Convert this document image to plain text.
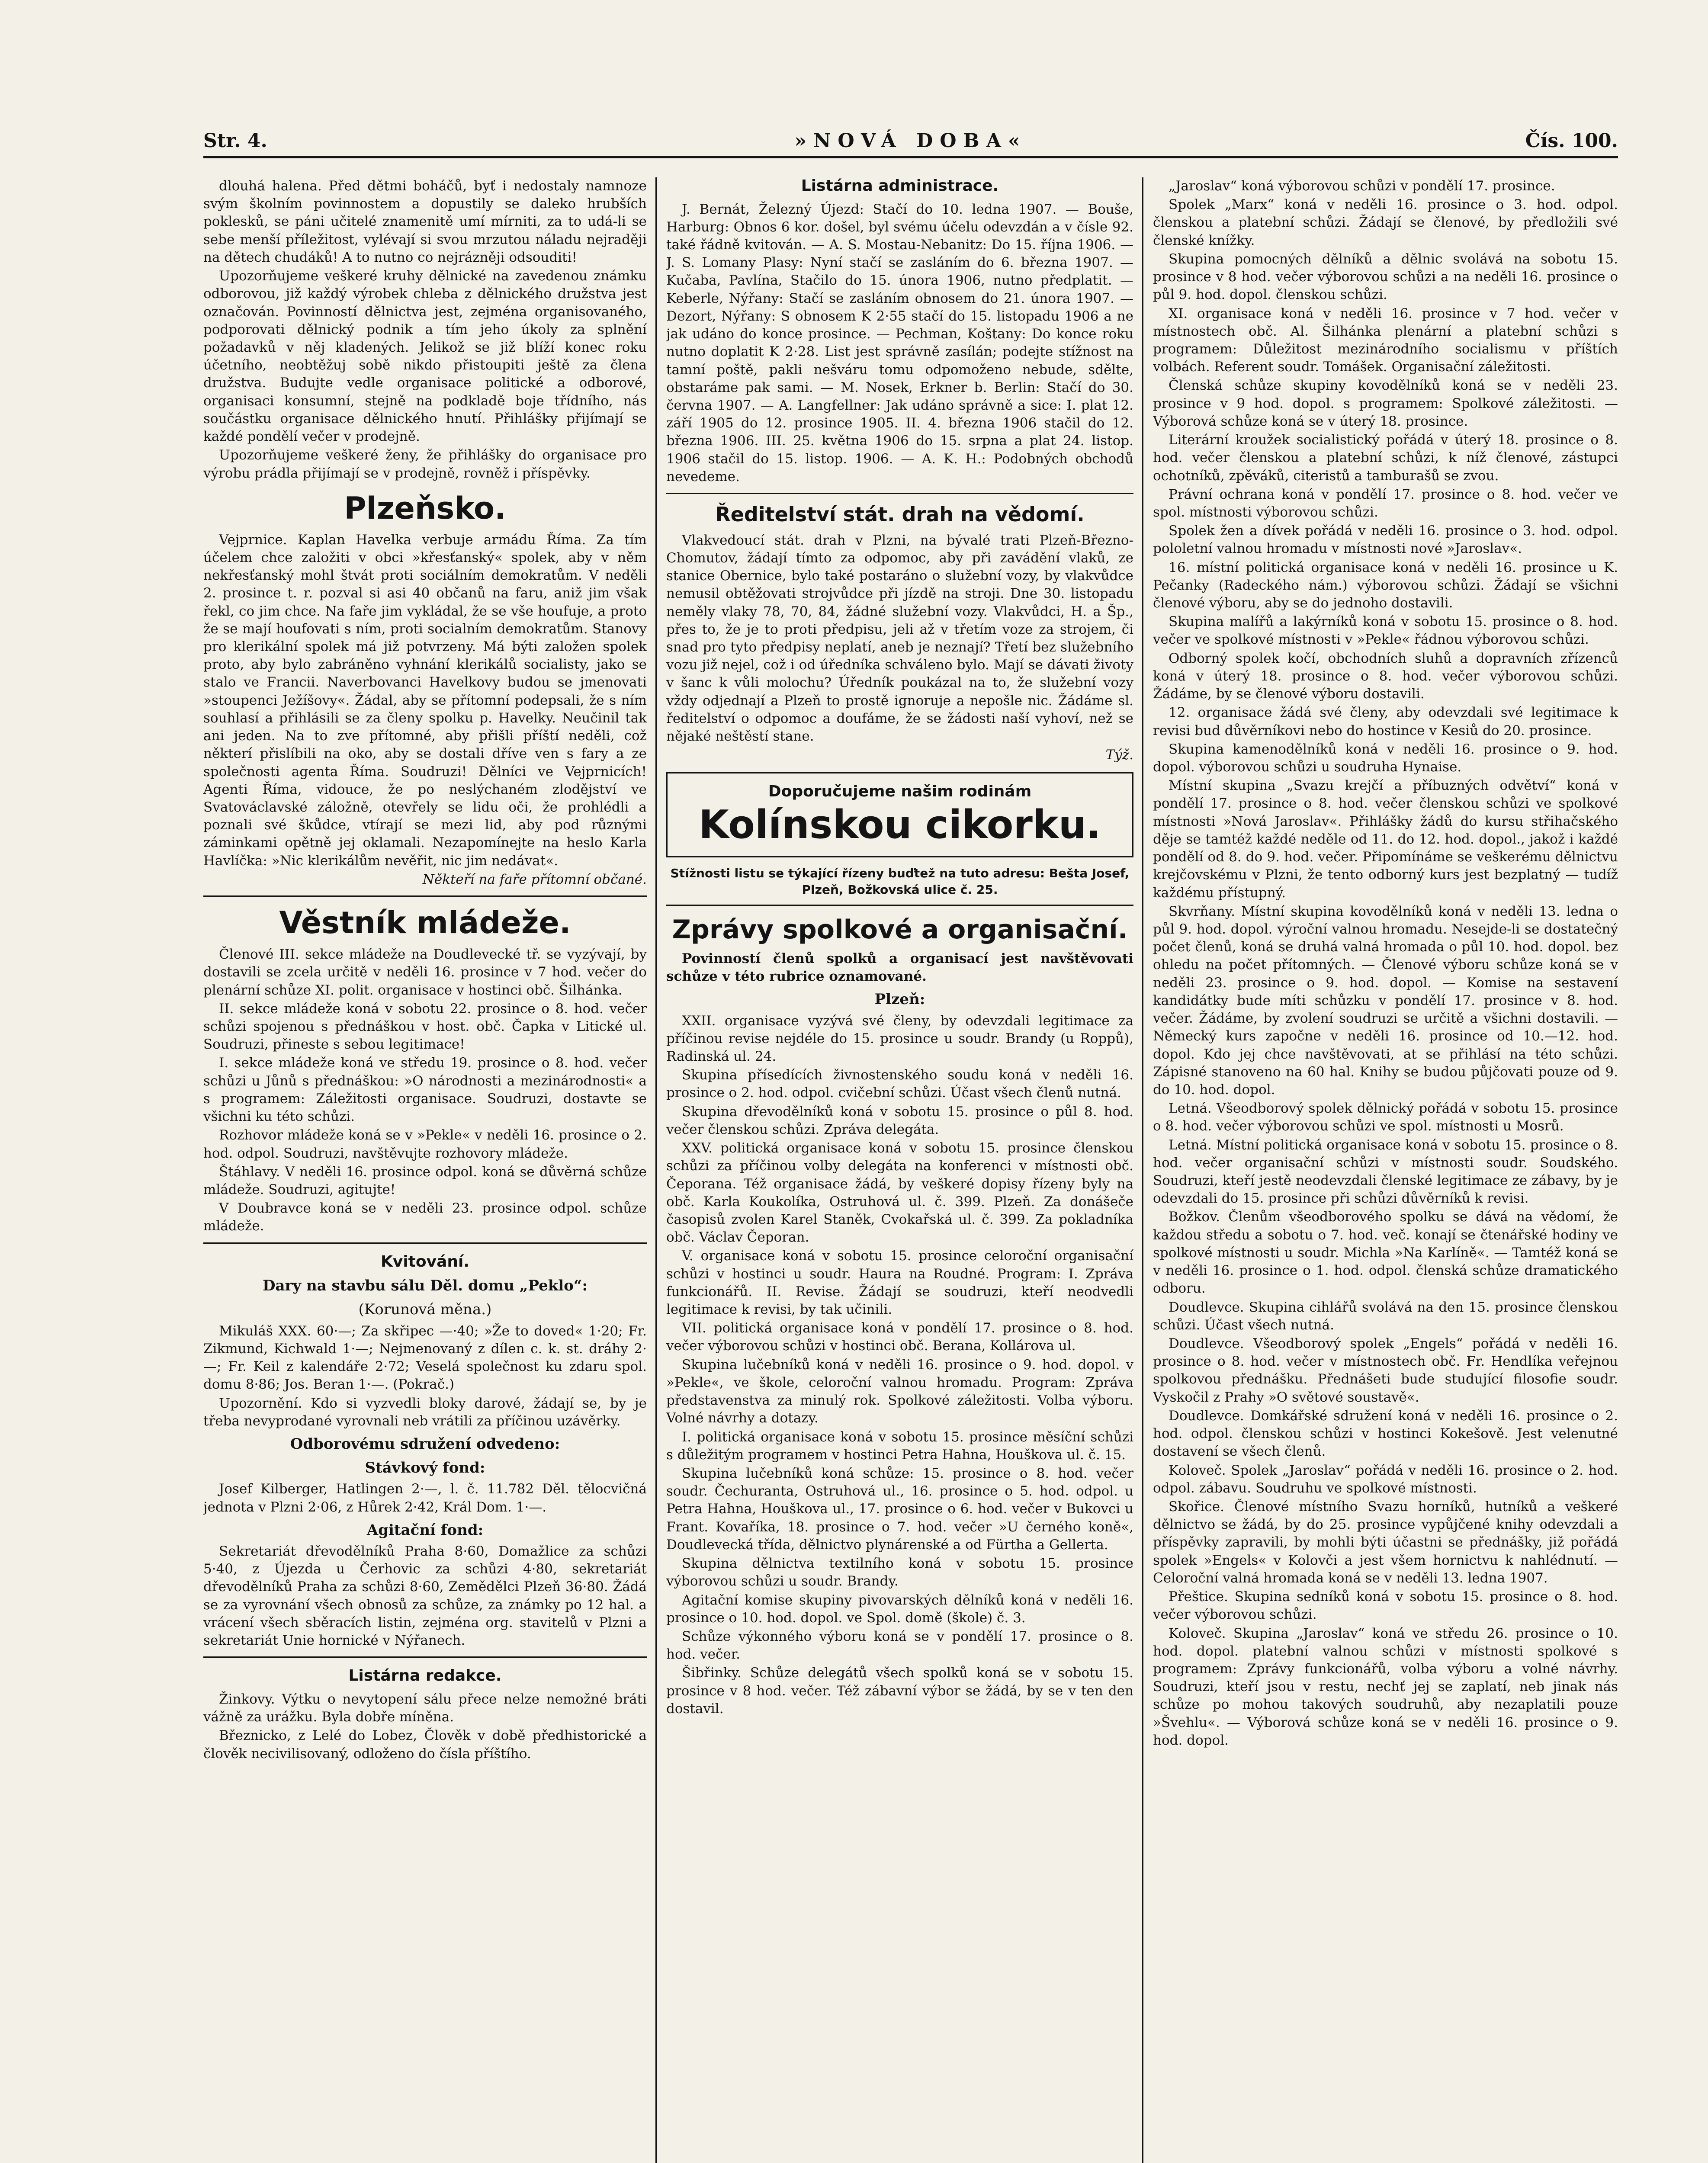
Str. 4.	»NOVÁ DOBA«	Čís. 100.

dlouhá halena. Před dětmi boháčů, byť i nedostaly namnoze svým školním povinnostem a dopustily se daleko hrubších poklesků, se páni učitelé znamenitě umí mírniti, za to udá-li se sebe menší příležitost, vylévají si svou mrzutou náladu nejraději na dětech chudáků! A to nutno co nejrázněji odsouditi!

Upozorňujeme veškeré kruhy dělnické na zavedenou známku odborovou, již každý výrobek chleba z dělnického družstva jest označován. Povinností dělnictva jest, zejména organisovaného, podporovati dělnický podnik a tím jeho úkoly za splnění požadavků v něj kladených. Jelikož se již blíží konec roku účetního, neobtěžuj sobě nikdo přistoupiti ještě za člena družstva. Budujte vedle organisace politické a odborové, organisaci konsumní, stejně na podkladě boje třídního, nás součástku organisace dělnického hnutí. Přihlášky přijímají se každé pondělí večer v prodejně.

Upozorňujeme veškeré ženy, že přihlášky do organisace pro výrobu prádla přijímají se v prodejně, rovněž i příspěvky.

Plzeňsko.

Vejprnice. Kaplan Havelka verbuje armádu Říma. Za tím účelem chce založiti v obci »křesťanský« spolek, aby v něm nekřesťanský mohl štvát proti sociálním demokratům. V neděli 2. prosince t. r. pozval si asi 40 občanů na faru, aniž jim však řekl, co jim chce. Na faře jim vykládal, že se vše houfuje, a proto že se mají houfovati s ním, proti socialním demokratům. Stanovy pro klerikální spolek má již potvrzeny. Má býti založen spolek proto, aby bylo zabráněno vyhnání klerikálů socialisty, jako se stalo ve Francii. Naverbovanci Havelkovy budou se jmenovati »stoupenci Ježíšovy«. Žádal, aby se přítomní podepsali, že s ním souhlasí a přihlásili se za členy spolku p. Havelky. Neučinil tak ani jeden. Na to zve přítomné, aby přišli příští neděli, což některí přislíbili na oko, aby se dostali dříve ven s fary a ze společnosti agenta Říma. Soudruzi! Dělníci ve Vejprnicích! Agenti Říma, vidouce, že po neslýchaném zlodějství ve Svatováclavské záložně, otevřely se lidu oči, že prohlédli a poznali své škůdce, vtírají se mezi lid, aby pod různými záminkami opětně jej oklamali. Nezapomínejte na heslo Karla Havlíčka: »Nic klerikálům nevěřit, nic jim nedávat«.

Někteří na faře přítomní občané.
Věstník mládeže.

Členové III. sekce mládeže na Doudlevecké tř. se vyzývají, by dostavili se zcela určitě v neděli 16. prosince v 7 hod. večer do plenární schůze XI. polit. organisace v hostinci obč. Šilhánka.

II. sekce mládeže koná v sobotu 22. prosince o 8. hod. večer schůzi spojenou s přednáškou v host. obč. Čapka v Litické ul. Soudruzi, přineste s sebou legitimace!

I. sekce mládeže koná ve středu 19. prosince o 8. hod. večer schůzi u Jůnů s přednáškou: »O národnosti a mezinárodnosti« a s programem: Záležitosti organisace. Soudruzi, dostavte se všichni ku této schůzi.

Rozhovor mládeže koná se v »Pekle« v neděli 16. prosince o 2. hod. odpol. Soudruzi, navštěvujte rozhovory mládeže.

Štáhlavy. V neděli 16. prosince odpol. koná se důvěrná schůze mládeže. Soudruzi, agitujte!

V Doubravce koná se v neděli 23. prosince odpol. schůze mládeže.

Kvitování.
Dary na stavbu sálu Děl. domu „Peklo“:
(Korunová měna.)

Mikuláš XXX. 60·—; Za skřipec —·40; »Že to doved« 1·20; Fr. Zikmund, Kichwald 1·—; Nejmenovaný z dílen c. k. st. dráhy 2·—; Fr. Keil z kalendáře 2·72; Veselá společnost ku zdaru spol. domu 8·86; Jos. Beran 1·—. (Pokrač.)

Upozornění. Kdo si vyzvedli bloky darové, žádají se, by je třeba nevyprodané vyrovnali neb vrátili za příčinou uzávěrky.

Odborovému sdružení odvedeno:
Stávkový fond:

Josef Kilberger, Hatlingen 2·—, l. č. 11.782 Děl. tělocvičná jednota v Plzni 2·06, z Hůrek 2·42, Král Dom. 1·—.

Agitační fond:

Sekretariát dřevodělníků Praha 8·60, Domažlice za schůzi 5·40, z Újezda u Čerhovic za schůzi 4·80, sekretariát dřevodělníků Praha za schůzi 8·60, Zemědělci Plzeň 36·80. Žádá se za vyrovnání všech obnosů za schůze, za známky po 12 hal. a vrácení všech sběracích listin, zejména org. stavitelů v Plzni a sekretariát Unie hornické v Nýřanech.

Listárna redakce.

Žinkovy. Výtku o nevytopení sálu přece nelze nemožné bráti vážně za urážku. Byla dobře míněna.

Březnicko, z Lelé do Lobez, Člověk v době předhistorické a člověk necivilisovaný, odloženo do čísla příštího.

Listárna administrace.

J. Bernát, Železný Újezd: Stačí do 10. ledna 1907. — Bouše, Harburg: Obnos 6 kor. došel, byl svému účelu odevzdán a v čísle 92. také řádně kvitován. — A. S. Mostau-Nebanitz: Do 15. října 1906. — J. S. Lomany Plasy: Nyní stačí se zasláním do 6. března 1907. — Kučaba, Pavlína, Stačilo do 15. února 1906, nutno předplatit. — Keberle, Nýřany: Stačí se zasláním obnosem do 21. února 1907. — Dezort, Nýřany: S obnosem K 2·55 stačí do 15. listopadu 1906 a ne jak udáno do konce prosince. — Pechman, Koštany: Do konce roku nutno doplatit K 2·28. List jest správně zasílán; podejte stížnost na tamní poště, pakli nešváru tomu odpomoženo nebude, sdělte, obstaráme pak sami. — M. Nosek, Erkner b. Berlin: Stačí do 30. června 1907. — A. Langfellner: Jak udáno správně a sice: I. plat 12. září 1905 do 12. prosince 1905. II. 4. března 1906 stačil do 12. března 1906. III. 25. května 1906 do 15. srpna a plat 24. listop. 1906 stačil do 15. listop. 1906. — A. K. H.: Podobných obchodů nevedeme.

Ředitelství stát. drah na vědomí.

Vlakvedoucí stát. drah v Plzni, na bývalé trati Plzeň-Březno-Chomutov, žádají tímto za odpomoc, aby při zavádění vlaků, ze stanice Obernice, bylo také postaráno o služební vozy, by vlakvůdce nemusil obtěžovati strojvůdce při jízdě na stroji. Dne 30. listopadu neměly vlaky 78, 70, 84, žádné služební vozy. Vlakvůdci, H. a Šp., přes to, že je to proti předpisu, jeli až v třetím voze za strojem, či snad pro tyto předpisy neplatí, aneb je neznají? Třetí bez služebního vozu již nejel, což i od úředníka schváleno bylo. Mají se dávati životy v šanc k vůli molochu? Úředník poukázal na to, že služební vozy vždy odjednají a Plzeň to prostě ignoruje a nepošle nic. Žádáme sl. ředitelství o odpomoc a doufáme, že se žádosti naší vyhoví, než se nějaké neštěstí stane.

Týž.
Doporučujeme našim rodinám
Kolínskou cikorku.
Stížnosti listu se týkající řízeny buďtež na tuto adresu: Bešta Josef, Plzeň, Božkovská ulice č. 25.
Zprávy spolkové a organisační.

Povinností členů spolků a organisací jest navštěvovati schůze v této rubrice oznamované.

Plzeň:

XXII. organisace vyzývá své členy, by odevzdali legitimace za příčinou revise nejdéle do 15. prosince u soudr. Brandy (u Roppů), Radinská ul. 24.

Skupina přísedících živnostenského soudu koná v neděli 16. prosince o 2. hod. odpol. cvičební schůzi. Účast všech členů nutná.

Skupina dřevodělníků koná v sobotu 15. prosince o půl 8. hod. večer členskou schůzi. Zpráva delegáta.

XXV. politická organisace koná v sobotu 15. prosince členskou schůzi za příčinou volby delegáta na konferenci v místnosti obč. Čeporana. Též organisace žádá, by veškeré dopisy řízeny byly na obč. Karla Koukolíka, Ostruhová ul. č. 399. Plzeň. Za donášeče časopisů zvolen Karel Staněk, Cvokařská ul. č. 399. Za pokladníka obč. Václav Čeporan.

V. organisace koná v sobotu 15. prosince celoroční organisační schůzi v hostinci u soudr. Haura na Roudné. Program: I. Zpráva funkcionářů. II. Revise. Žádají se soudruzi, kteří neodvedli legitimace k revisi, by tak učinili.

VII. politická organisace koná v pondělí 17. prosince o 8. hod. večer výborovou schůzi v hostinci obč. Berana, Kollárova ul.

Skupina lučebníků koná v neděli 16. prosince o 9. hod. dopol. v »Pekle«, ve škole, celoroční valnou hromadu. Program: Zpráva představenstva za minulý rok. Spolkové záležitosti. Volba výboru. Volné návrhy a dotazy.

I. politická organisace koná v sobotu 15. prosince měsíční schůzi s důležitým programem v hostinci Petra Hahna, Houškova ul. č. 15.

Skupina lučebníků koná schůze: 15. prosince o 8. hod. večer soudr. Čechuranta, Ostruhová ul., 16. prosince o 5. hod. odpol. u Petra Hahna, Houškova ul., 17. prosince o 6. hod. večer v Bukovci u Frant. Kovaříka, 18. prosince o 7. hod. večer »U černého koně«, Doudlevecká třída, dělnictvo plynárenské a od Fürtha a Gellerta.

Skupina dělnictva textilního koná v sobotu 15. prosince výborovou schůzi u soudr. Brandy.

Agitační komise skupiny pivovarských dělníků koná v neděli 16. prosince o 10. hod. dopol. ve Spol. domě (škole) č. 3.

Schůze výkonného výboru koná se v pondělí 17. prosince o 8. hod. večer.

Šibřinky. Schůze delegátů všech spolků koná se v sobotu 15. prosince v 8 hod. večer. Též zábavní výbor se žádá, by se v ten den dostavil.

„Jaroslav“ koná výborovou schůzi v pondělí 17. prosince.

Spolek „Marx“ koná v neděli 16. prosince o 3. hod. odpol. členskou a platební schůzi. Žádají se členové, by předložili své členské knížky.

Skupina pomocných dělníků a dělnic svolává na sobotu 15. prosince v 8 hod. večer výborovou schůzi a na neděli 16. prosince o půl 9. hod. dopol. členskou schůzi.

XI. organisace koná v neděli 16. prosince v 7 hod. večer v místnostech obč. Al. Šilhánka plenární a platební schůzi s programem: Důležitost mezinárodního socialismu v příštích volbách. Referent soudr. Tomášek. Organisační záležitosti.

Členská schůze skupiny kovodělníků koná se v neděli 23. prosince v 9 hod. dopol. s programem: Spolkové záležitosti. — Výborová schůze koná se v úterý 18. prosince.

Literární kroužek socialistický pořádá v úterý 18. prosince o 8. hod. večer členskou a platební schůzi, k níž členové, zástupci ochotníků, zpěváků, citeristů a tamburašů se zvou.

Právní ochrana koná v pondělí 17. prosince o 8. hod. večer ve spol. místnosti výborovou schůzi.

Spolek žen a dívek pořádá v neděli 16. prosince o 3. hod. odpol. pololetní valnou hromadu v místnosti nové »Jaroslav«.

16. místní politická organisace koná v neděli 16. prosince u K. Pečanky (Radeckého nám.) výborovou schůzi. Žádají se všichni členové výboru, aby se do jednoho dostavili.

Skupina malířů a lakýrníků koná v sobotu 15. prosince o 8. hod. večer ve spolkové místnosti v »Pekle« řádnou výborovou schůzi.

Odborný spolek kočí, obchodních sluhů a dopravních zřízenců koná v úterý 18. prosince o 8. hod. večer výborovou schůzi. Žádáme, by se členové výboru dostavili.

12. organisace žádá své členy, aby odevzdali své legitimace k revisi bud důvěrníkovi nebo do hostince v Kesiů do 20. prosince.

Skupina kamenodělníků koná v neděli 16. prosince o 9. hod. dopol. výborovou schůzi u soudruha Hynaise.

Místní skupina „Svazu krejčí a příbuzných odvětví“ koná v pondělí 17. prosince o 8. hod. večer členskou schůzi ve spolkové místnosti »Nová Jaroslav«. Přihlášky žádů do kursu střihačského děje se tamtéž každé neděle od 11. do 12. hod. dopol., jakož i každé pondělí od 8. do 9. hod. večer. Připomínáme se veškerému dělnictvu krejčovskému v Plzni, že tento odborný kurs jest bezplatný — tudíž každému přístupný.

Skvrňany. Místní skupina kovodělníků koná v neděli 13. ledna o půl 9. hod. dopol. výroční valnou hromadu. Nesejde-li se dostatečný počet členů, koná se druhá valná hromada o půl 10. hod. dopol. bez ohledu na počet přítomných. — Členové výboru schůze koná se v neděli 23. prosince o 9. hod. dopol. — Komise na sestavení kandidátky bude míti schůzku v pondělí 17. prosince v 8. hod. večer. Žádáme, by zvolení soudruzi se určitě a všichni dostavili. — Německý kurs započne v neděli 16. prosince od 10.—12. hod. dopol. Kdo jej chce navštěvovati, at se přihlásí na této schůzi. Zápisné stanoveno na 60 hal. Knihy se budou půjčovati pouze od 9. do 10. hod. dopol.

Letná. Všeodborový spolek dělnický pořádá v sobotu 15. prosince o 8. hod. večer výborovou schůzi ve spol. místnosti u Mosrů.

Letná. Místní politická organisace koná v sobotu 15. prosince o 8. hod. večer organisační schůzi v místnosti soudr. Soudského. Soudruzi, kteří jestě neodevzdali členské legitimace ze zábavy, by je odevzdali do 15. prosince při schůzi důvěrníků k revisi.

Božkov. Členům všeodborového spolku se dává na vědomí, že každou středu a sobotu o 7. hod. več. konají se čtenářské hodiny ve spolkové místnosti u soudr. Michla »Na Karlíně«. — Tamtéž koná se v neděli 16. prosince o 1. hod. odpol. členská schůze dramatického odboru.

Doudlevce. Skupina cihlářů svolává na den 15. prosince členskou schůzi. Účast všech nutná.

Doudlevce. Všeodborový spolek „Engels“ pořádá v neděli 16. prosince o 8. hod. večer v místnostech obč. Fr. Hendlíka veřejnou spolkovou přednášku. Přednášeti bude studující filosofie soudr. Vyskočil z Prahy »O světové soustavě«.

Doudlevce. Domkářské sdružení koná v neděli 16. prosince o 2. hod. odpol. členskou schůzi v hostinci Kokešově. Jest velenutné dostavení se všech členů.

Koloveč. Spolek „Jaroslav“ pořádá v neděli 16. prosince o 2. hod. odpol. zábavu. Soudruhu ve spolkové místnosti.

Skořice. Členové místního Svazu horníků, hutníků a veškeré dělnictvo se žádá, by do 25. prosince vypůjčené knihy odevzdali a příspěvky zapravili, by mohli býti účastni se přednášky, již pořádá spolek »Engels« v Kolovči a jest všem hornictvu k nahlédnutí. — Celoroční valná hromada koná se v neděli 13. ledna 1907.

Přeštice. Skupina sedníků koná v sobotu 15. prosince o 8. hod. večer výborovou schůzi.

Koloveč. Skupina „Jaroslav“ koná ve středu 26. prosince o 10. hod. dopol. platební valnou schůzi v místnosti spolkové s programem: Zprávy funkcionářů, volba výboru a volné návrhy. Soudruzi, kteří jsou v restu, nechť jej se zaplatí, neb jinak nás schůze po mohou takových soudruhů, aby nezaplatili pouze »Švehlu«. — Výborová schůze koná se v neděli 16. prosince o 9. hod. dopol.
